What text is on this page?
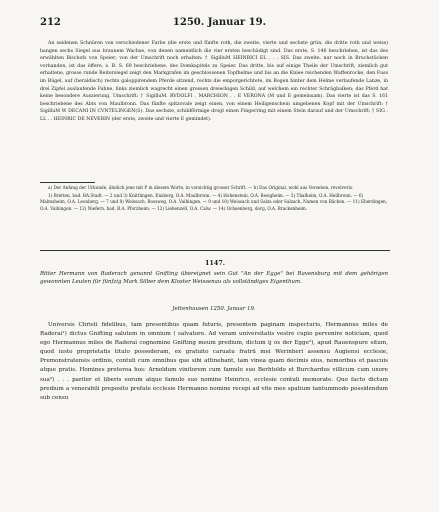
212	1250. Januar 19.

An seidenen Schnüren von verschiedener Farbe (die erste und fünfte roth, die zweite, vierte und sechste grün, die dritte roth und weiss) hangen sechs Siegel aus braunem Wachse, von denen namentlich die vier ersten beschädigt sind. Das erste, S. 146 beschrieben, ist das des erwählten Bischofs von Speier; von der Umschrift noch erhalten: † SigilluM HEINRICI EL . . . SIS. Das zweite, nur noch in Bruchstücken vorhanden, ist das öffere, s. B. S. 69 beschriebene, des Domkapitels zu Speier. Das dritte, bis auf einige Theile der Umschrift, ziemlich gut erhaltene, grosse runde Reitersiegel zeigt den Markgrafen im geschlossenen Topfhelme und bis an die Kniee reichenden Waffenrocke, den Fuss im Bügel, auf (heraldisch) rechts galoppirendem Pferde sitzend, rechts die emporgerichtete, im Bogen hinter dem Helme verlaufende Lanze, in drei Zipfel auslaufende Fahne, links ziemlich wagrecht einen grossen dreieckigen Schild, auf welchem ein rechter Schrägbalken; das Pferd hat keine besondere Auszierung. Umschrift: † SigilluM. RVDOLFI . MARCHION . . E VERONA (M und E gemeinsam). Das vierte ist das S. 161 beschriebene des Abts von Maulbronn. Das fünfte spitzovale zeigt einen, von einem Heiligenschein umgebenen Kopf mit der Umschrift: † SigilluM W DECANI IN CVNTELINGEN(S). Das sechste, schildförmige drogt einen Fingerring mit einem Stein darauf und der Umschrift: † SIG . LL . . HEINRIC DE NEVERIN (der erste, zweite und vierte E gemindet).

a) Der Anfang der Urkunde, ähnlich jene mit P in diesem Worte, in vorsichtig grosser Schrift. — b) Das Original, wohl aus Versehen, revolveris.

1) Bretten, bad. BA.Stadt. — 2 und 3) Knittlingen, Enzberg, O.A. Maulbronn. — 4) Hohenstein, O.A. Besigheim. — 5) Thalheim, O.A. Heilbronn. — 6) Malmsheim, O.A. Leonberg. — 7 und 8) Weissach, Rossweg, O.A. Vaihingen. — 9 und 10) Weissach und Salza oder Salzach, Namen von Bächen. — 11) Eberdingen, O.A. Vaihingen. — 12) Niefern, bad. B.A. Pforzheim. — 13) Liebenzell, O.A. Calw. — 14) Ochsenberg, dorg, O.A. Brackenheim.

1147.

Ritter Hermann von Raderach genannt Gnifting übereignet sein Gut "An der Egge" bei Ravensburg mit dem gehörigen gewonnten Leuten für fünfzig Mark Silber dem Kloster Weissenau als vollständiges Eigenthum.

Jettenhausen 1250. Januar 19.

Universis Christi fidelibus, tam presentibus quam futuris, presentem paginam inspecturis, Hermannus miles de Raderai¹) dictus Gnifting salutem in omnium ( salvatore. Ad veram universitatis vestre cupio pervenire noticiam, quod ego Hermannus miles de Raderai cognomine Gnifting meum predium, dictum ij os der Egge²), apud Rauenspure situm, quod iusto proprietatis titulo possederam, ex gratuito caruatu fratrū mei Werinheri assensu Augiensi ecclesie, Premonstratensis ordinis, contuli cum omnibus que sibi attinebant, tam vinea quam decimis eius, nemoribus et pascuis atque pratis. Homines preterea hos: Arnoldum vinitorem cum famulo suo Berhtoldo et Burchardus villicum cum uxore sua³) . . . pariter et liberis eorum atque famulo suo nomine Heinrico, ecclesie contuli memorate. Quo facto dictum predium a venerabili preposito prefate ecclesie Hermanno nomine recepi ad vite mee spatium tantummodo possidendum sub censu
